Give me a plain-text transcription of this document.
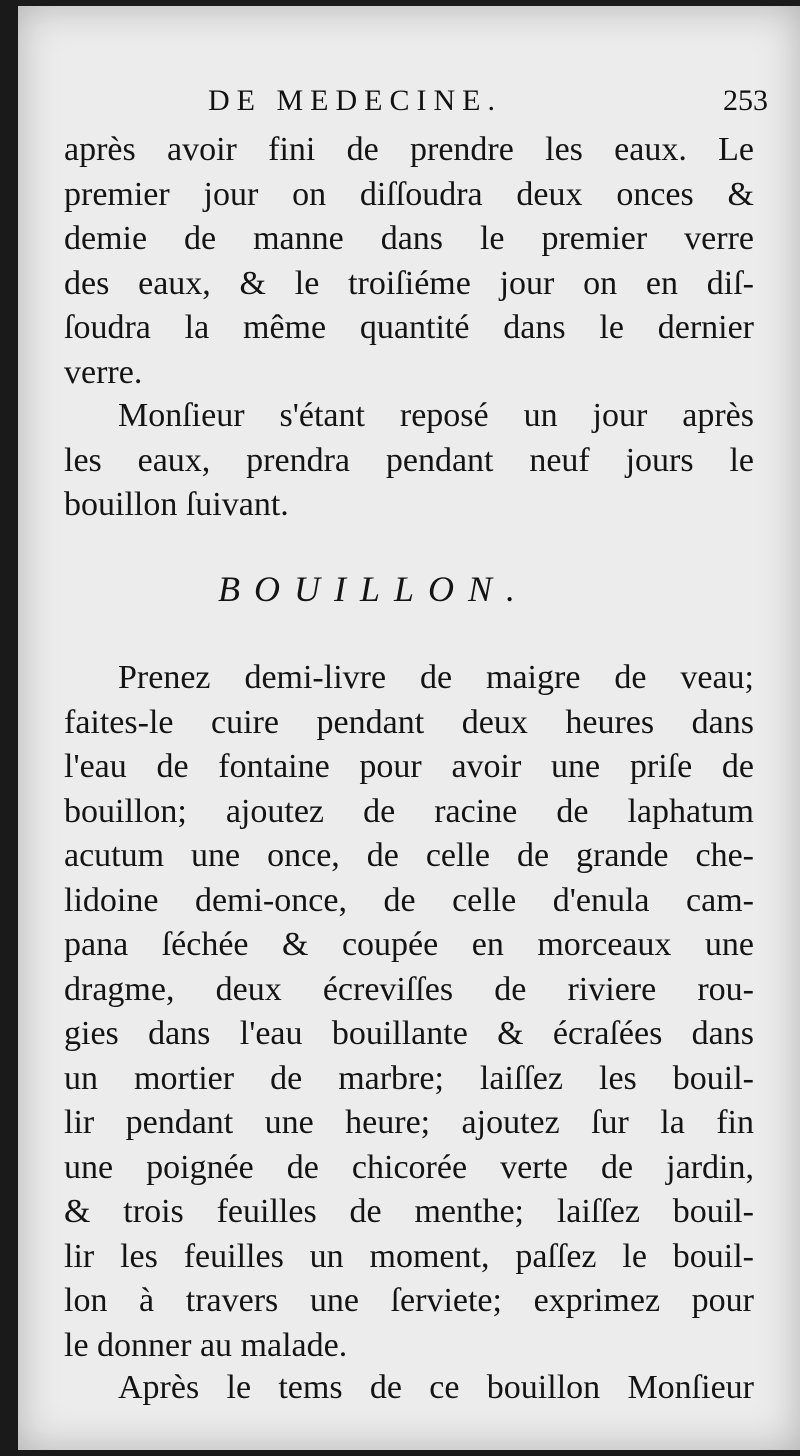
DE MEDECINE.	253
après avoir fini de prendre les eaux. Le
premier jour on diſſoudra deux onces &
demie de manne dans le premier verre
des eaux, & le troiſiéme jour on en diſ-
ſoudra la même quantité dans le dernier
verre.
Monſieur s'étant reposé un jour après
les eaux, prendra pendant neuf jours le
bouillon ſuivant.
BOUILLON.
Prenez demi-livre de maigre de veau;
faites-le cuire pendant deux heures dans
l'eau de fontaine pour avoir une priſe de
bouillon; ajoutez de racine de laphatum
acutum une once, de celle de grande che-
lidoine demi-once, de celle d'enula cam-
pana ſéchée & coupée en morceaux une
dragme, deux écreviſſes de riviere rou-
gies dans l'eau bouillante & écraſées dans
un mortier de marbre; laiſſez les bouil-
lir pendant une heure; ajoutez ſur la fin
une poignée de chicorée verte de jardin,
& trois feuilles de menthe; laiſſez bouil-
lir les feuilles un moment, paſſez le bouil-
lon à travers une ſerviete; exprimez pour
le donner au malade.
Après le tems de ce bouillon Monſieur
